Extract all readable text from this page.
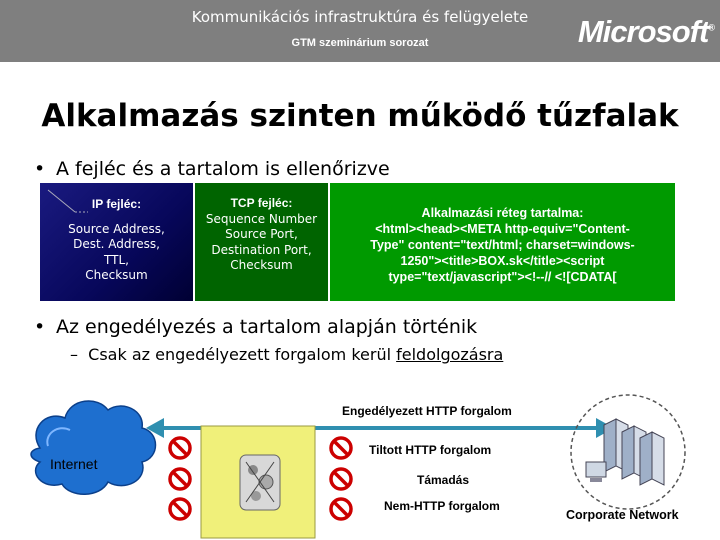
Kommunikációs infrastruktúra és felügyelete
GTM szeminárium sorozat	Microsoft®
Alkalmazás szinten működő tűzfalak
• A fejléc és a tartalom is ellenőrizve
IP fejléc:
Source Address,
Dest. Address,
TTL,
Checksum
TCP fejléc:
Sequence Number
Source Port,
Destination Port,
Checksum
Alkalmazási réteg tartalma:
<html><head><META http-equiv="Content-
Type" content="text/html; charset=windows-
1250"><title>BOX.sk</title><script
type="text/javascript"><!--// <![CDATA[
• Az engedélyezés a tartalom alapján történik
–  Csak az engedélyezett forgalom kerül feldolgozásra
Engedélyezett HTTP forgalom
Internet
Tiltott HTTP forgalom
Támadás
Nem-HTTP forgalom
Corporate Network
